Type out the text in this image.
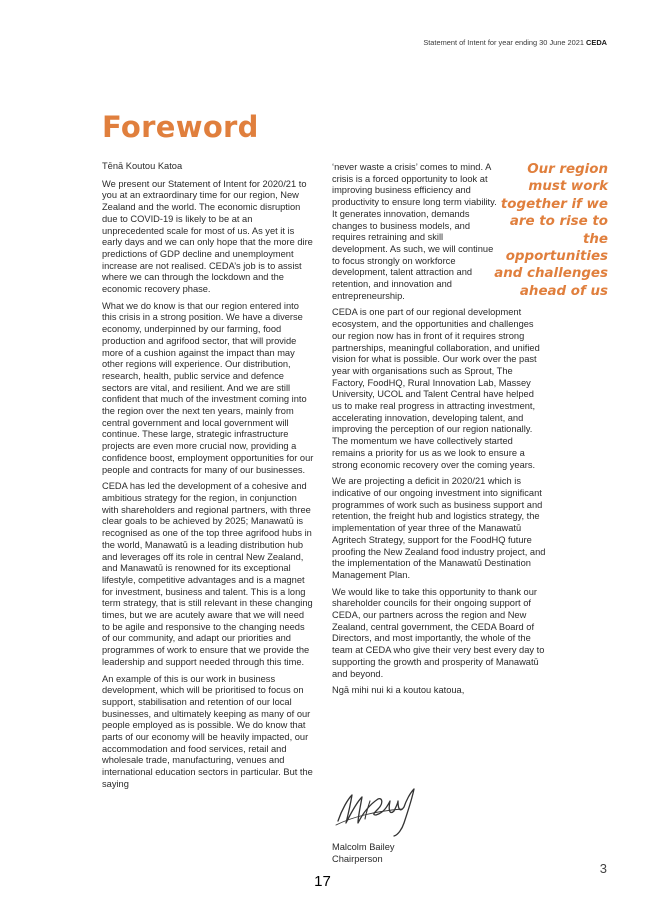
Statement of Intent for year ending 30 June 2021 CEDA
Foreword

Tēnā Koutou Katoa

We present our Statement of Intent for 2020/21 to you at an extraordinary time for our region, New Zealand and the world. The economic disruption due to COVID-19 is likely to be at an unprecedented scale for most of us. As yet it is early days and we can only hope that the more dire predictions of GDP decline and unemployment increase are not realised. CEDA’s job is to assist where we can through the lockdown and the economic recovery phase.

What we do know is that our region entered into this crisis in a strong position. We have a diverse economy, underpinned by our farming, food production and agrifood sector, that will provide more of a cushion against the impact than may other regions will experience. Our distribution, research, health, public service and defence sectors are vital, and resilient. And we are still confident that much of the investment coming into the region over the next ten years, mainly from central government and local government will continue. These large, strategic infrastructure projects are even more crucial now, providing a confidence boost, employment opportunities for our people and contracts for many of our businesses.

CEDA has led the development of a cohesive and ambitious strategy for the region, in conjunction with shareholders and regional partners, with three clear goals to be achieved by 2025; Manawatū is recognised as one of the top three agrifood hubs in the world, Manawatū is a leading distribution hub and leverages off its role in central New Zealand, and Manawatū is renowned for its exceptional lifestyle, competitive advantages and is a magnet for investment, business and talent. This is a long term strategy, that is still relevant in these changing times, but we are acutely aware that we will need to be agile and responsive to the changing needs of our community, and adapt our priorities and programmes of work to ensure that we provide the leadership and support needed through this time.

An example of this is our work in business development, which will be prioritised to focus on support, stabilisation and retention of our local businesses, and ultimately keeping as many of our people employed as is possible. We do know that parts of our economy will be heavily impacted, our accommodation and food services, retail and wholesale trade, manufacturing, venues and international education sectors in particular. But the saying

‘never waste a crisis’ comes to mind. A crisis is a forced opportunity to look at improving business efficiency and productivity to ensure long term viability. It generates innovation, demands changes to business models, and requires retraining and skill development. As such, we will continue to focus strongly on workforce development, talent attraction and retention, and innovation and entrepreneurship.

CEDA is one part of our regional development ecosystem, and the opportunities and challenges our region now has in front of it requires strong partnerships, meaningful collaboration, and unified vision for what is possible. Our work over the past year with organisations such as Sprout, The Factory, FoodHQ, Rural Innovation Lab, Massey University, UCOL and Talent Central have helped us to make real progress in attracting investment, accelerating innovation, developing talent, and improving the perception of our region nationally. The momentum we have collectively started remains a priority for us as we look to ensure a strong economic recovery over the coming years.

We are projecting a deficit in 2020/21 which is indicative of our ongoing investment into significant programmes of work such as business support and retention, the freight hub and logistics strategy, the implementation of year three of the Manawatū Agritech Strategy, support for the FoodHQ future proofing the New Zealand food industry project, and the implementation of the Manawatū Destination Management Plan.

We would like to take this opportunity to thank our shareholder councils for their ongoing support of CEDA, our partners across the region and New Zealand, central government, the CEDA Board of Directors, and most importantly, the whole of the team at CEDA who give their very best every day to supporting the growth and prosperity of Manawatū and beyond.

Ngā mihi nui ki a koutou katoua,

Our region must work together if we are to rise to the opportunities and challenges ahead of us
Malcolm Bailey
Chairperson
17
3
